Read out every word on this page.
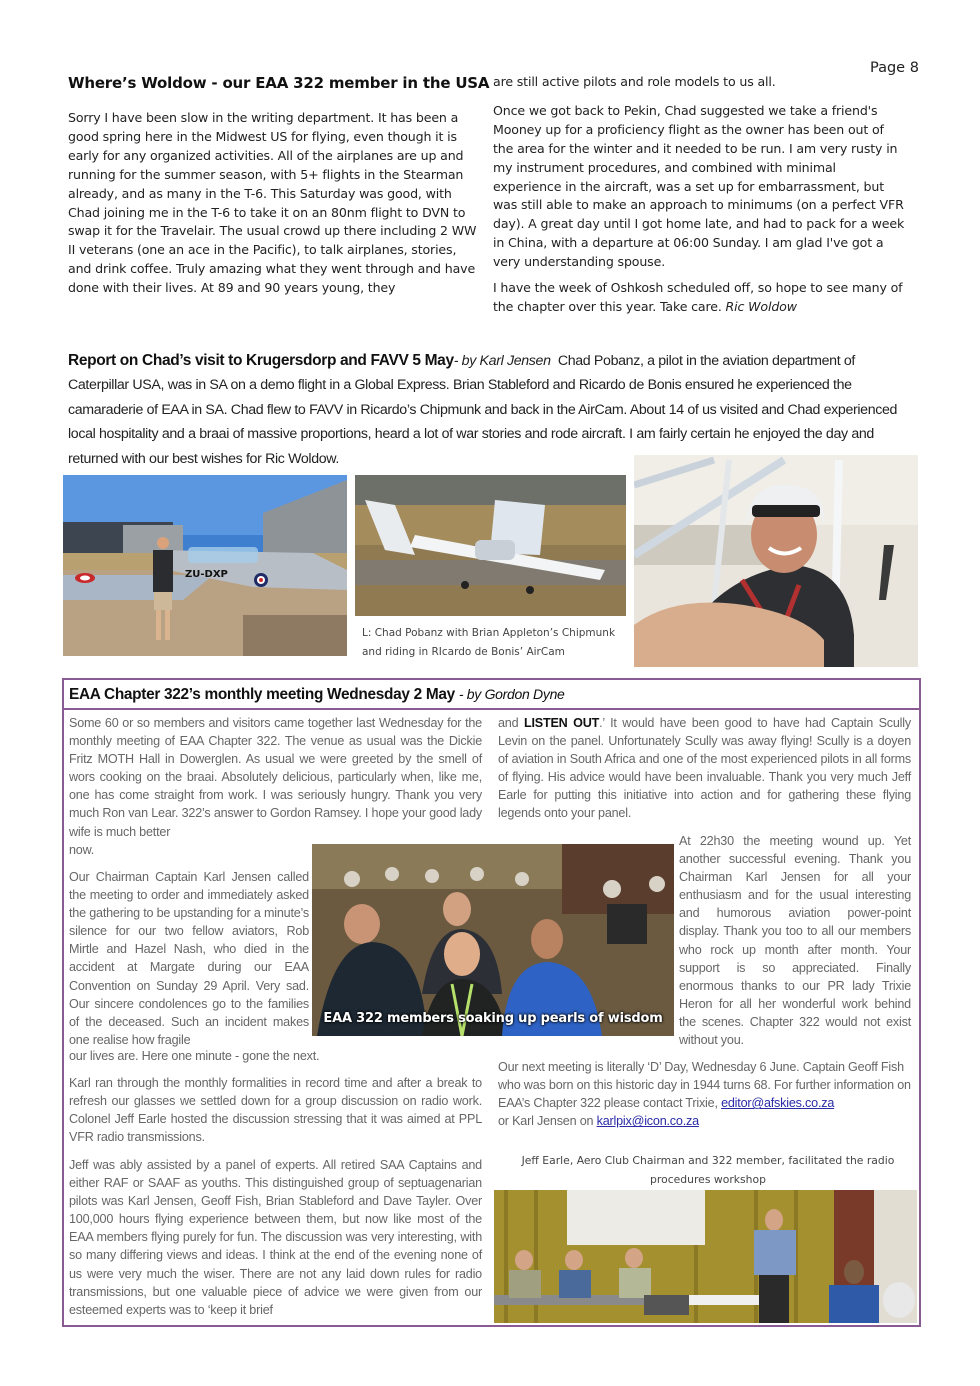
Page 8
Where’s Woldow - our EAA 322 member in the USA

Sorry I have been slow in the writing department. It has been a good spring here in the Midwest US for flying, even though it is early for any organized activities. All of the airplanes are up and running for the summer season, with 5+ flights in the Stearman already, and as many in the T-6. This Saturday was good, with Chad joining me in the T-6 to take it on an 80nm flight to DVN to swap it for the Travelair. The usual crowd up there including 2 WW II veterans (one an ace in the Pacific), to talk airplanes, stories, and drink coffee. Truly amazing what they went through and have done with their lives. At 89 and 90 years young, they

are still active pilots and role models to us all.

Once we got back to Pekin, Chad suggested we take a friend's Mooney up for a proficiency flight as the owner has been out of the area for the winter and it needed to be run. I am very rusty in my instrument procedures, and combined with minimal experience in the aircraft, was a set up for embarrassment, but was still able to make an approach to minimums (on a perfect VFR day). A great day until I got home late, and had to pack for a week in China, with a departure at 06:00 Sunday. I am glad I've got a very understanding spouse.

I have the week of Oshkosh scheduled off, so hope to see many of the chapter over this year. Take care. Ric Woldow

Report on Chad’s visit to Krugersdorp and FAVV 5 May- by Karl Jensen Chad Pobanz, a pilot in the aviation department of Caterpillar USA, was in SA on a demo flight in a Global Express. Brian Stableford and Ricardo de Bonis ensured he experienced the camaraderie of EAA in SA. Chad flew to FAVV in Ricardo’s Chipmunk and back in the AirCam. About 14 of us visited and Chad experienced local hospitality and a braai of massive proportions, heard a lot of war stories and rode aircraft. I am fairly certain he enjoyed the day and returned with our best wishes for Ric Woldow.
ZU-DXP
L: Chad Pobanz with Brian Appleton’s Chipmunk and riding in RIcardo de Bonis’ AirCam
EAA Chapter 322’s monthly meeting Wednesday 2 May - by Gordon Dyne
Some 60 or so members and visitors came together last Wednesday for the monthly meeting of EAA Chapter 322. The venue as usual was the Dickie Fritz MOTH Hall in Dowerglen. As usual we were greeted by the smell of wors cooking on the braai. Absolutely delicious, particularly when, like me, one has come straight from work. I was seriously hungry. Thank you very much Ron van Lear. 322’s answer to Gordon Ramsey. I hope your good lady wife is much better
now.
Our Chairman Captain Karl Jensen called the meeting to order and immediately asked the gathering to be upstanding for a minute’s silence for our two fellow aviators, Rob Mirtle and Hazel Nash, who died in the accident at Margate during our EAA Convention on Sunday 29 April. Very sad. Our sincere condolences go to the families of the deceased. Such an incident makes one realise how fragile
our lives are. Here one minute - gone the next.
Karl ran through the monthly formalities in record time and after a break to refresh our glasses we settled down for a group discussion on radio work. Colonel Jeff Earle hosted the discussion stressing that it was aimed at PPL VFR radio transmissions.
Jeff was ably assisted by a panel of experts. All retired SAA Captains and either RAF or SAAF as youths. This distinguished group of septuagenarian pilots was Karl Jensen, Geoff Fish, Brian Stableford and Dave Tayler. Over 100,000 hours flying experience between them, but now like most of the EAA members flying purely for fun. The discussion was very interesting, with so many differing views and ideas. I think at the end of the evening none of us were very much the wiser. There are not any laid down rules for radio transmissions, but one valuable piece of advice we were given from our esteemed experts was to ‘keep it brief
and LISTEN OUT.’ It would have been good to have had Captain Scully Levin on the panel. Unfortunately Scully was away flying! Scully is a doyen of aviation in South Africa and one of the most experienced pilots in all forms of flying. His advice would have been invaluable. Thank you very much Jeff Earle for putting this initiative into action and for gathering these flying legends onto your panel.
EAA 322 members soaking up pearls of wisdom
At 22h30 the meeting wound up. Yet another successful evening. Thank you Chairman Karl Jensen for all your enthusiasm and for the usual interesting and humorous aviation power-point display. Thank you too to all our members who rock up month after month. Your support is so appreciated. Finally enormous thanks to our PR lady Trixie Heron for all her wonderful work behind the scenes. Chapter 322 would not exist without you.
Our next meeting is literally ‘D’ Day, Wednesday 6 June. Captain Geoff Fish who was born on this historic day in 1944 turns 68. For further information on EAA’s Chapter 322 please contact Trixie, editor@afskies.co.za
or Karl Jensen on karlpix@icon.co.za
Jeff Earle, Aero Club Chairman and 322 member, facilitated the radio procedures workshop
